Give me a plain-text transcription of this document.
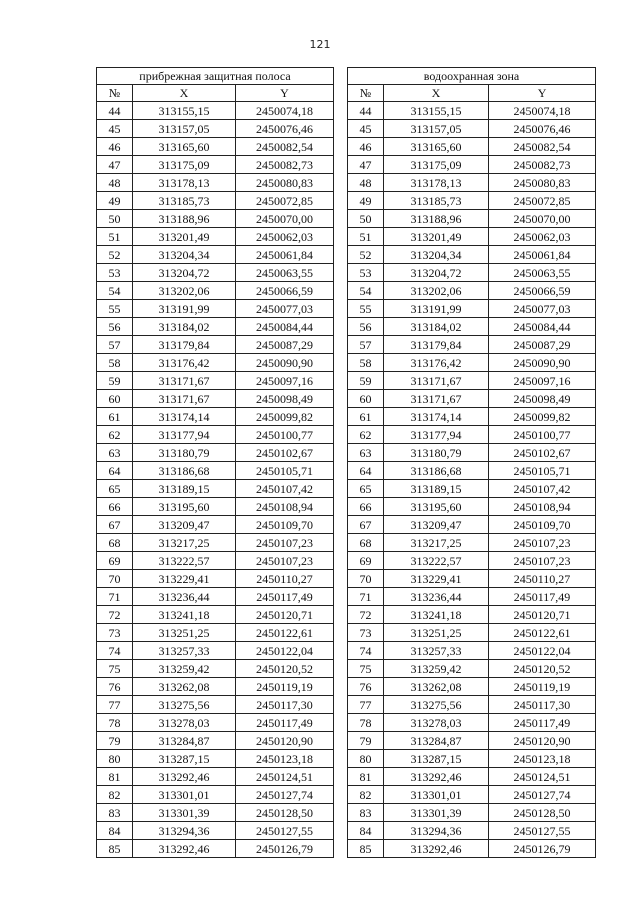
121
прибрежная защитная полоса				водоохранная зона		
№	X	Y		№	X	Y
44	313155,15	2450074,18		44	313155,15	2450074,18
45	313157,05	2450076,46		45	313157,05	2450076,46
46	313165,60	2450082,54		46	313165,60	2450082,54
47	313175,09	2450082,73		47	313175,09	2450082,73
48	313178,13	2450080,83		48	313178,13	2450080,83
49	313185,73	2450072,85		49	313185,73	2450072,85
50	313188,96	2450070,00		50	313188,96	2450070,00
51	313201,49	2450062,03		51	313201,49	2450062,03
52	313204,34	2450061,84		52	313204,34	2450061,84
53	313204,72	2450063,55		53	313204,72	2450063,55
54	313202,06	2450066,59		54	313202,06	2450066,59
55	313191,99	2450077,03		55	313191,99	2450077,03
56	313184,02	2450084,44		56	313184,02	2450084,44
57	313179,84	2450087,29		57	313179,84	2450087,29
58	313176,42	2450090,90		58	313176,42	2450090,90
59	313171,67	2450097,16		59	313171,67	2450097,16
60	313171,67	2450098,49		60	313171,67	2450098,49
61	313174,14	2450099,82		61	313174,14	2450099,82
62	313177,94	2450100,77		62	313177,94	2450100,77
63	313180,79	2450102,67		63	313180,79	2450102,67
64	313186,68	2450105,71		64	313186,68	2450105,71
65	313189,15	2450107,42		65	313189,15	2450107,42
66	313195,60	2450108,94		66	313195,60	2450108,94
67	313209,47	2450109,70		67	313209,47	2450109,70
68	313217,25	2450107,23		68	313217,25	2450107,23
69	313222,57	2450107,23		69	313222,57	2450107,23
70	313229,41	2450110,27		70	313229,41	2450110,27
71	313236,44	2450117,49		71	313236,44	2450117,49
72	313241,18	2450120,71		72	313241,18	2450120,71
73	313251,25	2450122,61		73	313251,25	2450122,61
74	313257,33	2450122,04		74	313257,33	2450122,04
75	313259,42	2450120,52		75	313259,42	2450120,52
76	313262,08	2450119,19		76	313262,08	2450119,19
77	313275,56	2450117,30		77	313275,56	2450117,30
78	313278,03	2450117,49		78	313278,03	2450117,49
79	313284,87	2450120,90		79	313284,87	2450120,90
80	313287,15	2450123,18		80	313287,15	2450123,18
81	313292,46	2450124,51		81	313292,46	2450124,51
82	313301,01	2450127,74		82	313301,01	2450127,74
83	313301,39	2450128,50		83	313301,39	2450128,50
84	313294,36	2450127,55		84	313294,36	2450127,55
85	313292,46	2450126,79		85	313292,46	2450126,79
